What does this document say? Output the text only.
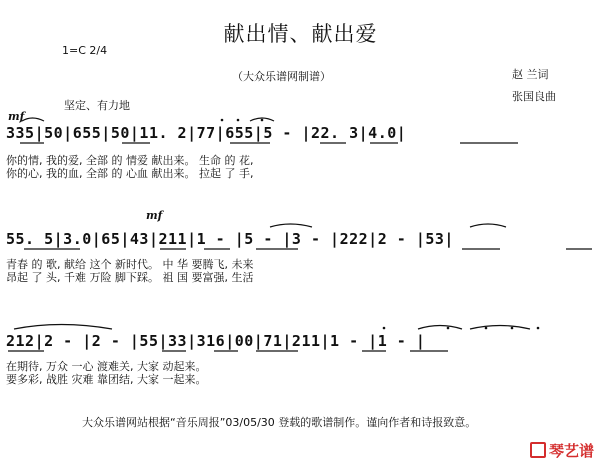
献出情、献出爱
1=C 2/4
（大众乐谱网制谱）	赵 兰词
张国良曲
坚定、有力地
mf
335|50|655|50|11. 2|77|655|5 - |22. 3|4.0|
你的情, 我的爱, 全部 的 情爱 献出来。 生命 的 花,
你的心, 我的血, 全部 的 心血 献出来。 拉起 了 手,
mf
55. 5|3.0|65|43|211|1 - |5 - |3 - |222|2 - |53|
青春 的 歌, 献给 这个 新时代。 中 华 要腾飞, 未来
昂起 了 头, 千难 万险 脚下踩。 祖 国 要富强, 生活
212|2 - |2 - |55|33|316|00|71|211|1 - |1 - |
在期待, 万众 一心 渡难关, 大家 动起来。
要多彩, 战胜 灾难 靠团结, 大家 一起来。
大众乐谱网站根据“音乐周报”03/05/30 登载的歌谱制作。谨向作者和诗报致意。
琴艺谱
